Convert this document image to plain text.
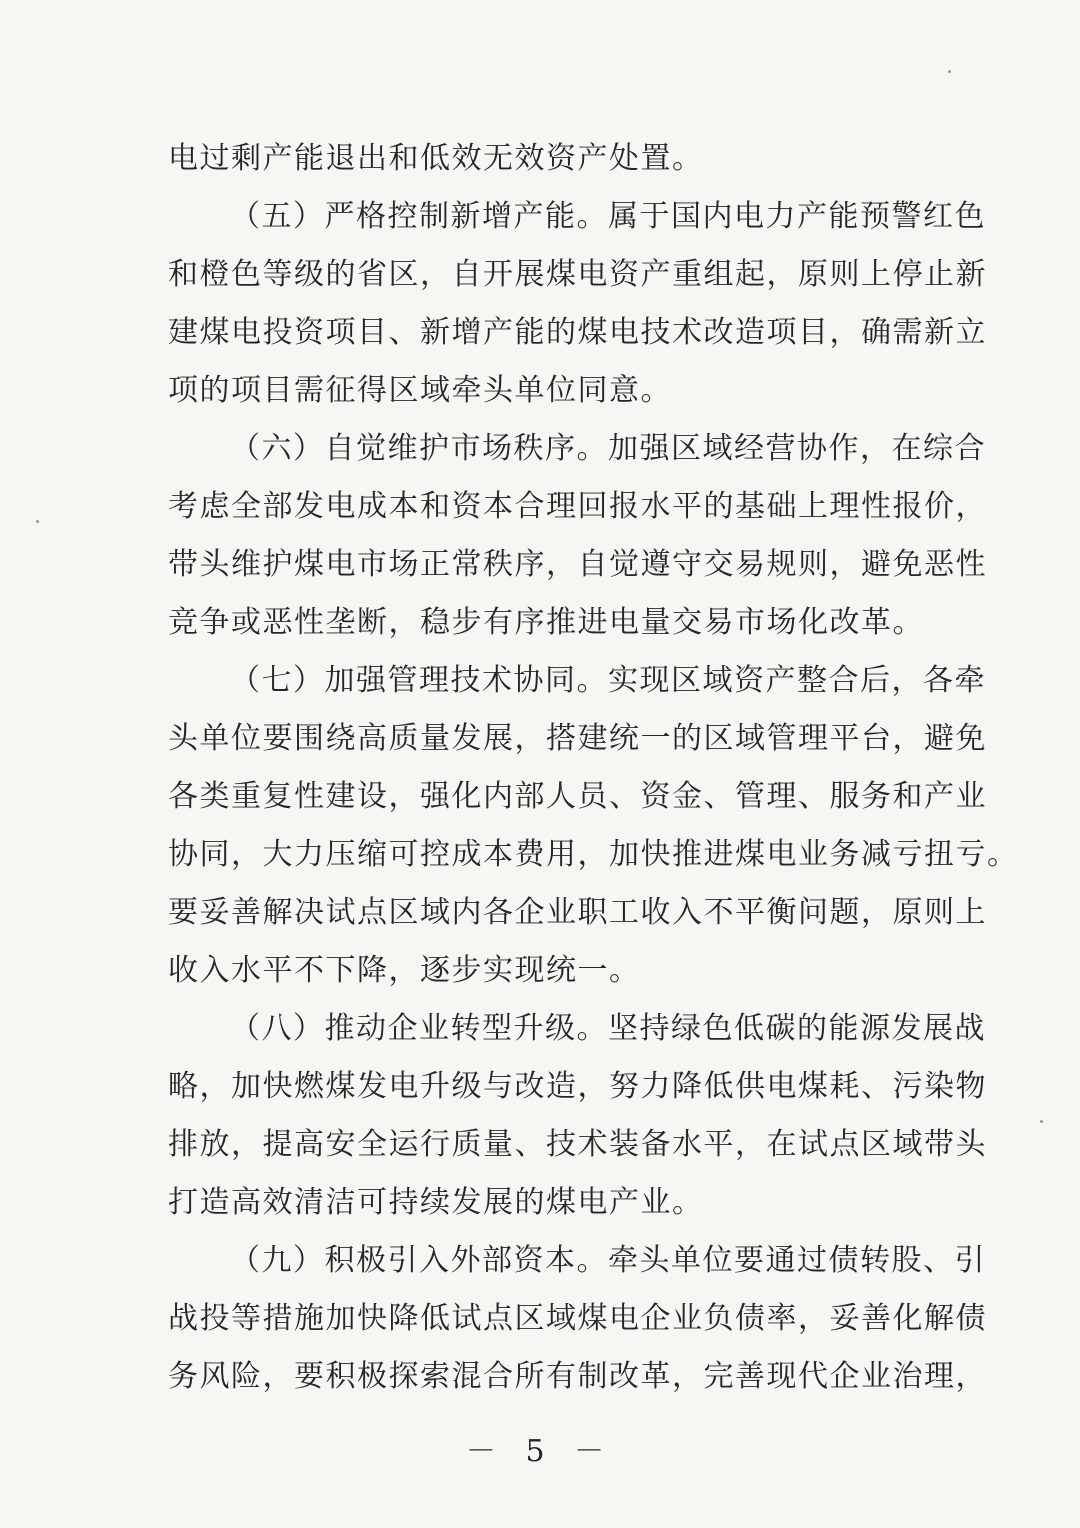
电过剩产能退出和低效无效资产处置。
（五）严格控制新增产能。属于国内电力产能预警红色
和橙色等级的省区，自开展煤电资产重组起，原则上停止新
建煤电投资项目、新增产能的煤电技术改造项目，确需新立
项的项目需征得区域牵头单位同意。
（六）自觉维护市场秩序。加强区域经营协作，在综合
考虑全部发电成本和资本合理回报水平的基础上理性报价，
带头维护煤电市场正常秩序，自觉遵守交易规则，避免恶性
竞争或恶性垄断，稳步有序推进电量交易市场化改革。
（七）加强管理技术协同。实现区域资产整合后，各牵
头单位要围绕高质量发展，搭建统一的区域管理平台，避免
各类重复性建设，强化内部人员、资金、管理、服务和产业
协同，大力压缩可控成本费用，加快推进煤电业务减亏扭亏。
要妥善解决试点区域内各企业职工收入不平衡问题，原则上
收入水平不下降，逐步实现统一。
（八）推动企业转型升级。坚持绿色低碳的能源发展战
略，加快燃煤发电升级与改造，努力降低供电煤耗、污染物
排放，提高安全运行质量、技术装备水平，在试点区域带头
打造高效清洁可持续发展的煤电产业。
（九）积极引入外部资本。牵头单位要通过债转股、引
战投等措施加快降低试点区域煤电企业负债率，妥善化解债
务风险，要积极探索混合所有制改革，完善现代企业治理，
－ 5 －
